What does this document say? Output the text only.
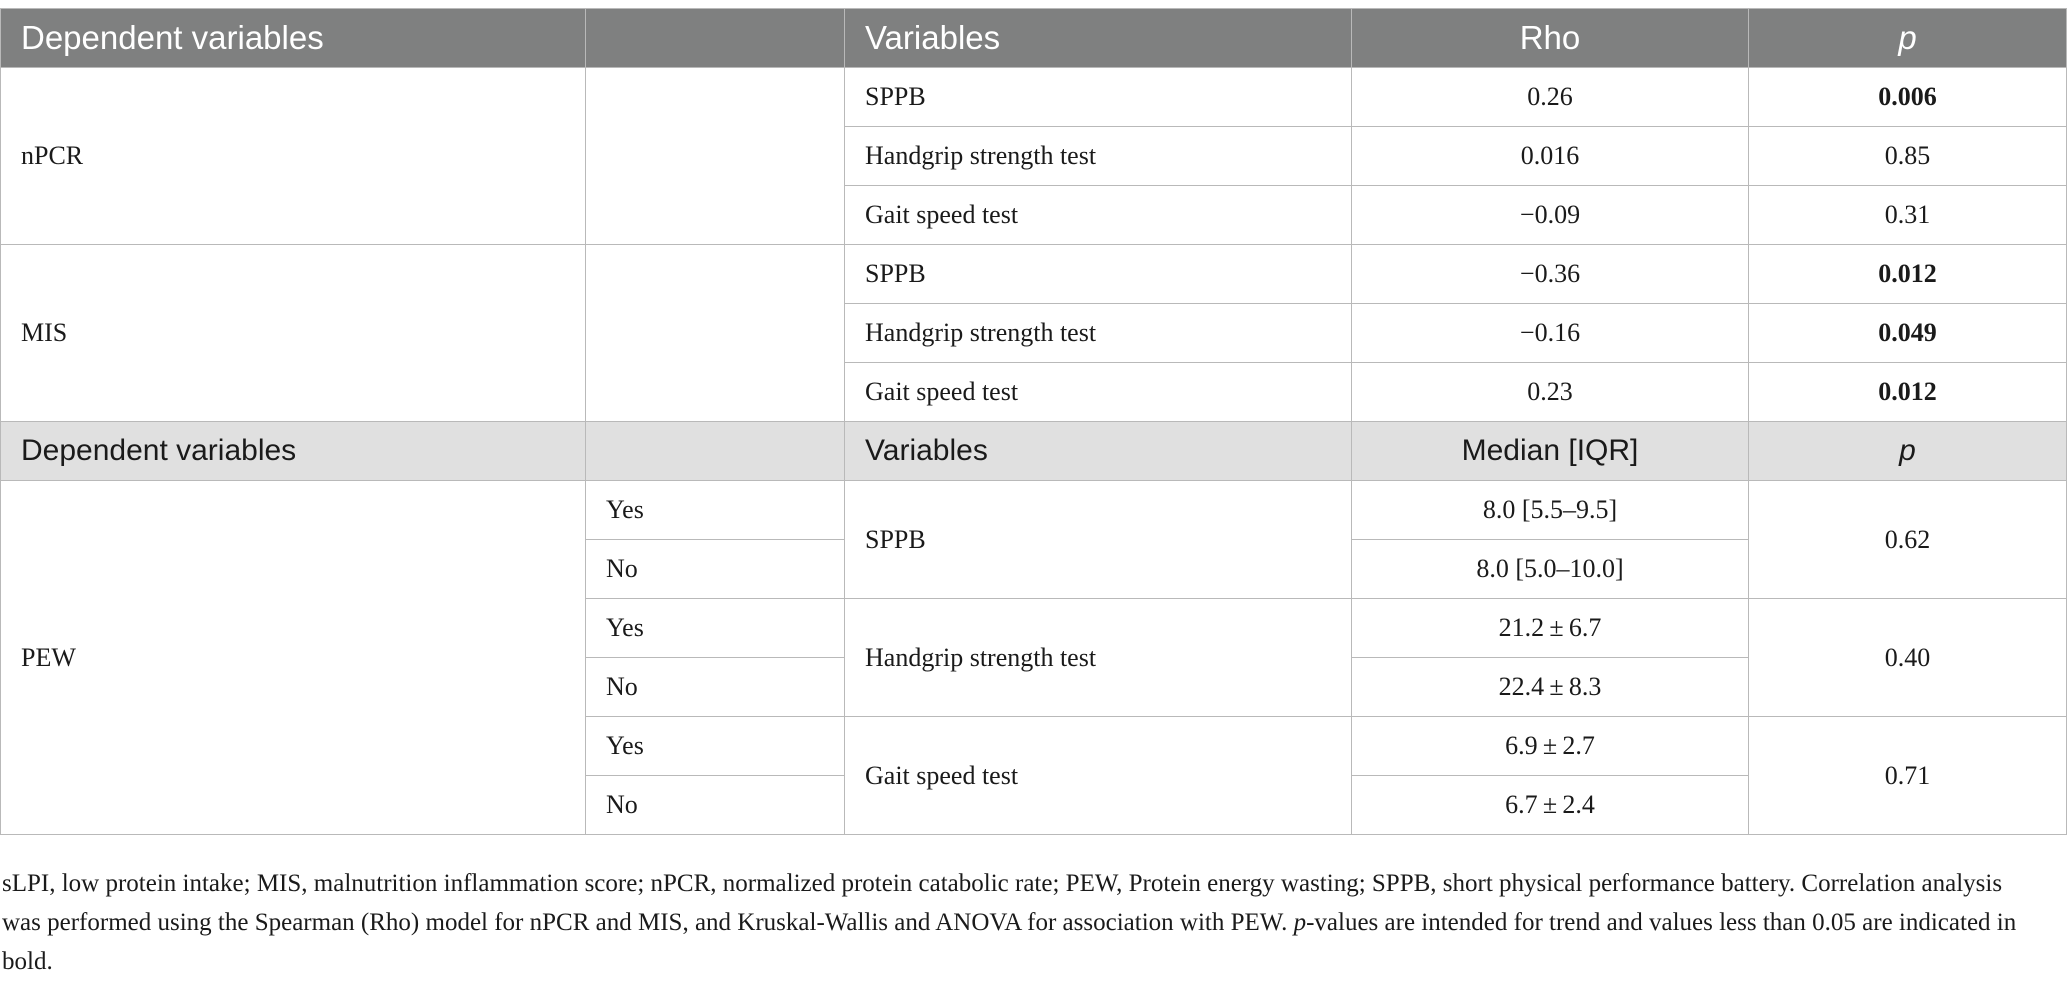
Dependent variables		Variables	Rho	p
nPCR		SPPB	0.26	0.006
		Handgrip strength test	0.016	0.85
		Gait speed test	−0.09	0.31
MIS		SPPB	−0.36	0.012
		Handgrip strength test	−0.16	0.049
		Gait speed test	0.23	0.012
Dependent variables		Variables	Median [IQR]	p
PEW	Yes	SPPB	8.0 [5.5–9.5]	0.62
	No		8.0 [5.0–10.0]	
	Yes	Handgrip strength test	21.2 ± 6.7	0.40
	No		22.4 ± 8.3	
	Yes	Gait speed test	6.9 ± 2.7	0.71
	No		6.7 ± 2.4	
sLPI, low protein intake; MIS, malnutrition inflammation score; nPCR, normalized protein catabolic rate; PEW, Protein energy wasting; SPPB, short physical performance battery. Correlation analysis was performed using the Spearman (Rho) model for nPCR and MIS, and Kruskal-Wallis and ANOVA for association with PEW. p-values are intended for trend and values less than 0.05 are indicated in bold.
